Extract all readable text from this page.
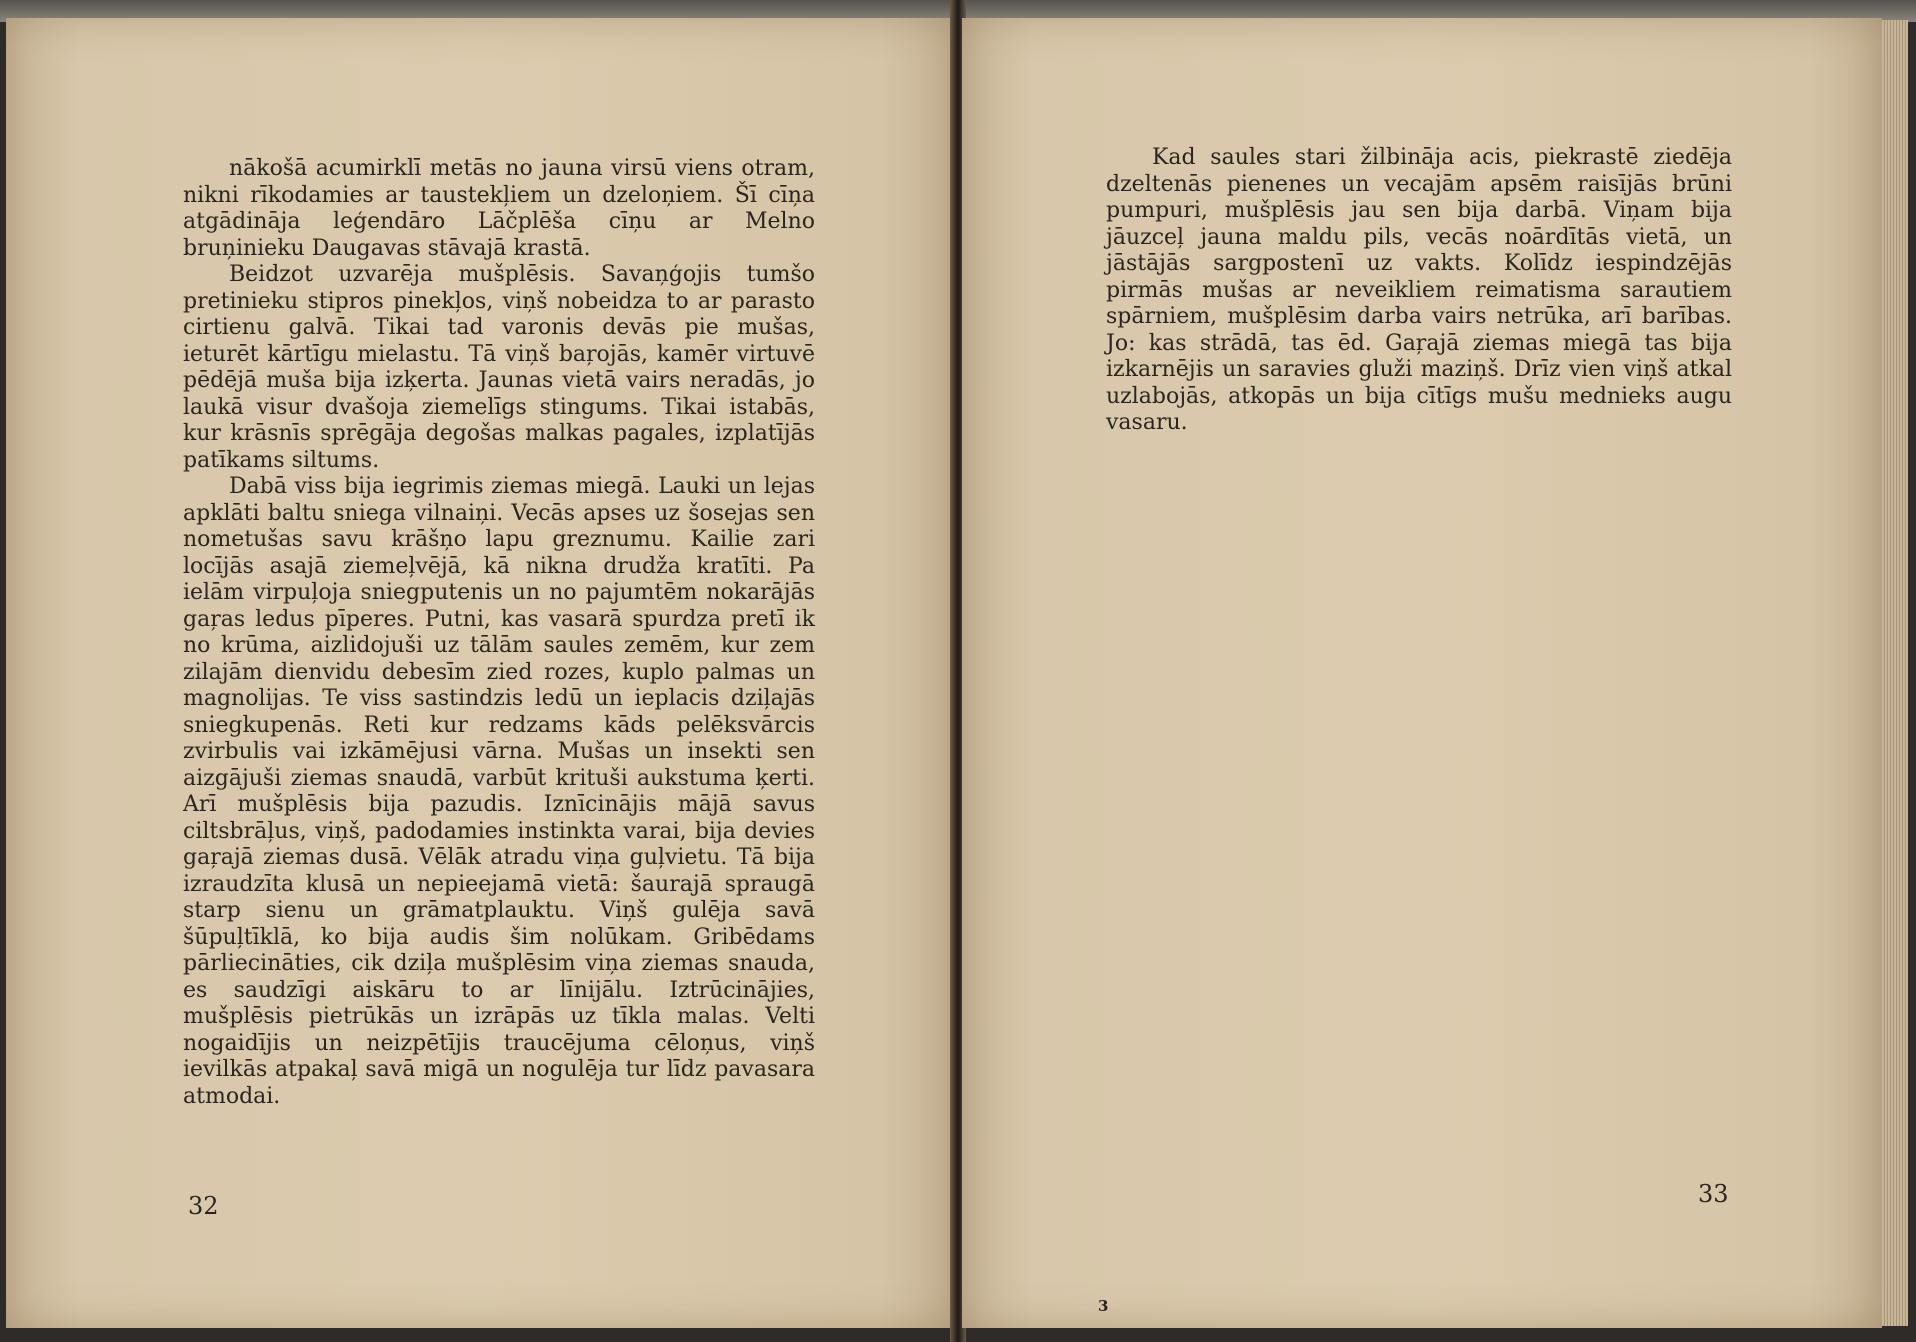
nākošā acumirklī metās no jauna virsū viens otram, nikni rīkodamies ar taustekļiem un dzeloņiem. Šī cīņa atgādināja leģendāro Lāčplēša cīņu ar Melno bruņinieku Daugavas stāvajā krastā.

Beidzot uzvarēja mušplēsis. Savaņģojis tumšo pretinieku stipros pinekļos, viņš nobeidza to ar parasto cirtienu galvā. Tikai tad varonis devās pie mušas, ieturēt kārtīgu mielastu. Tā viņš baŗojās, kamēr virtuvē pēdējā muša bija izķerta. Jaunas vietā vairs neradās, jo laukā visur dvašoja ziemelīgs stingums. Tikai istabās, kur krāsnīs sprēgāja degošas malkas pagales, izplatījās patīkams siltums.

Dabā viss bija iegrimis ziemas miegā. Lauki un lejas apklāti baltu sniega vilnaiņi. Vecās apses uz šosejas sen nometušas savu krāšņo lapu greznumu. Kailie zari locījās asajā ziemeļvējā, kā nikna drudža kratīti. Pa ielām virpuļoja sniegputenis un no pajumtēm nokarājās gaŗas ledus pīperes. Putni, kas vasarā spurdza pretī ik no krūma, aizlidojuši uz tālām saules zemēm, kur zem zilajām dienvidu debesīm zied rozes, kuplo palmas un magnolijas. Te viss sastindzis ledū un ieplacis dziļajās sniegkupenās. Reti kur redzams kāds pelēksvārcis zvirbulis vai izkāmējusi vārna. Mušas un insekti sen aizgājuši ziemas snaudā, varbūt krituši aukstuma ķerti. Arī mušplēsis bija pazudis. Iznīcinājis mājā savus ciltsbrāļus, viņš, padodamies instinkta varai, bija devies gaŗajā ziemas dusā. Vēlāk atradu viņa guļvietu. Tā bija izraudzīta klusā un nepieejamā vietā: šaurajā spraugā starp sienu un grāmatplauktu. Viņš gulēja savā šūpuļtīklā, ko bija audis šim nolūkam. Gribēdams pārliecināties, cik dziļa mušplēsim viņa ziemas snauda, es saudzīgi aiskāru to ar līnijālu. Iztrūcinājies, mušplēsis pietrūkās un izrāpās uz tīkla malas. Velti nogaidījis un neizpētījis traucējuma cēloņus, viņš ievilkās atpakaļ savā migā un nogulēja tur līdz pavasara atmodai.

32

Kad saules stari žilbināja acis, piekrastē ziedēja dzeltenās pienenes un vecajām apsēm raisījās brūni pumpuri, mušplēsis jau sen bija darbā. Viņam bija jāuzceļ jauna maldu pils, vecās noārdītās vietā, un jāstājās sargpostenī uz vakts. Kolīdz iespindzējās pirmās mušas ar neveikliem reimatisma sarautiem spārniem, mušplēsim darba vairs netrūka, arī barības. Jo: kas strādā, tas ēd. Gaŗajā ziemas miegā tas bija izkarnējis un saravies gluži maziņš. Drīz vien viņš atkal uzlabojās, atkopās un bija cītīgs mušu mednieks augu vasaru.

33
3
